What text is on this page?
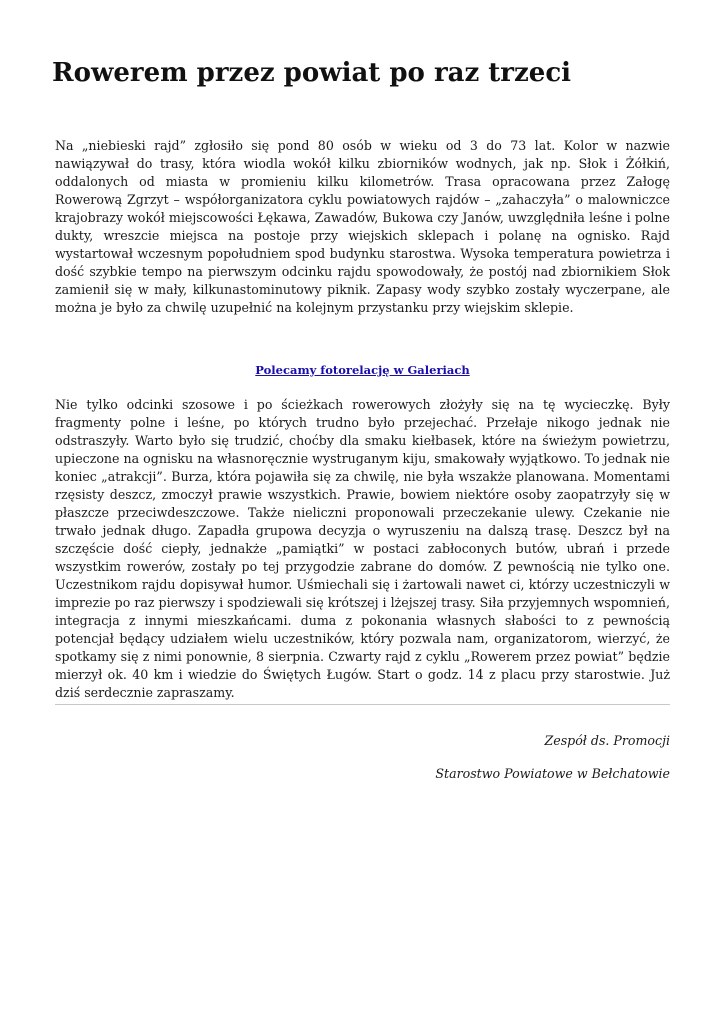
Rowerem przez powiat po raz trzeci

Na „niebieski rajd” zgłosiło się pond 80 osób w wieku od 3 do 73 lat. Kolor w nazwie nawiązywał do trasy, która wiodla wokół kilku zbiorników wodnych, jak np. Słok i Żółkiń, oddalonych od miasta w promieniu kilku kilometrów. Trasa opracowana przez Załogę Rowerową Zgrzyt – współorganizatora cyklu powiatowych rajdów – „zahaczyła” o malowniczce krajobrazy wokół miejscowości Łękawa, Zawadów, Bukowa czy Janów, uwzględniła leśne i polne dukty, wreszcie miejsca na postoje przy wiejskich sklepach i polanę na ognisko. Rajd wystartował wczesnym popołudniem spod budynku starostwa. Wysoka temperatura powietrza i dość szybkie tempo na pierwszym odcinku rajdu spowodowały, że postój nad zbiornikiem Słok zamienił się w mały, kilkunastominutowy piknik. Zapasy wody szybko zostały wyczerpane, ale można je było za chwilę uzupełnić na kolejnym przystanku przy wiejskim sklepie.

Polecamy fotorelację w Galeriach

Nie tylko odcinki szosowe i po ścieżkach rowerowych złożyły się na tę wycieczkę. Były fragmenty polne i leśne, po których trudno było przejechać. Przełaje nikogo jednak nie odstraszyły. Warto było się trudzić, choćby dla smaku kiełbasek, które na świeżym powietrzu, upieczone na ognisku na własnoręcznie wystruganym kiju, smakowały wyjątkowo. To jednak nie koniec „atrakcji”. Burza, która pojawiła się za chwilę, nie była wszakże planowana. Momentami rzęsisty deszcz, zmoczył prawie wszystkich. Prawie, bowiem niektóre osoby zaopatrzyły się w płaszcze przeciwdeszczowe. Także nieliczni proponowali przeczekanie ulewy. Czekanie nie trwało jednak długo. Zapadła grupowa decyzja o wyruszeniu na dalszą trasę. Deszcz był na szczęście dość ciepły, jednakże „pamiątki” w postaci zabłoconych butów, ubrań i przede wszystkim rowerów, zostały po tej przygodzie zabrane do domów. Z pewnością nie tylko one. Uczestnikom rajdu dopisywał humor. Uśmiechali się i żartowali nawet ci, którzy uczestniczyli w imprezie po raz pierwszy i spodziewali się krótszej i lżejszej trasy. Siła przyjemnych wspomnień, integracja z innymi mieszkańcami. duma z pokonania własnych słabości to z pewnością potencjał będący udziałem wielu uczestników, który pozwala nam, organizatorom, wierzyć, że spotkamy się z nimi ponownie, 8 sierpnia. Czwarty rajd z cyklu „Rowerem przez powiat” będzie mierzył ok. 40 km i wiedzie do Świętych Ługów. Start o godz. 14 z placu przy starostwie. Już dziś serdecznie zapraszamy.

Zespół ds. Promocji

Starostwo Powiatowe w Bełchatowie
